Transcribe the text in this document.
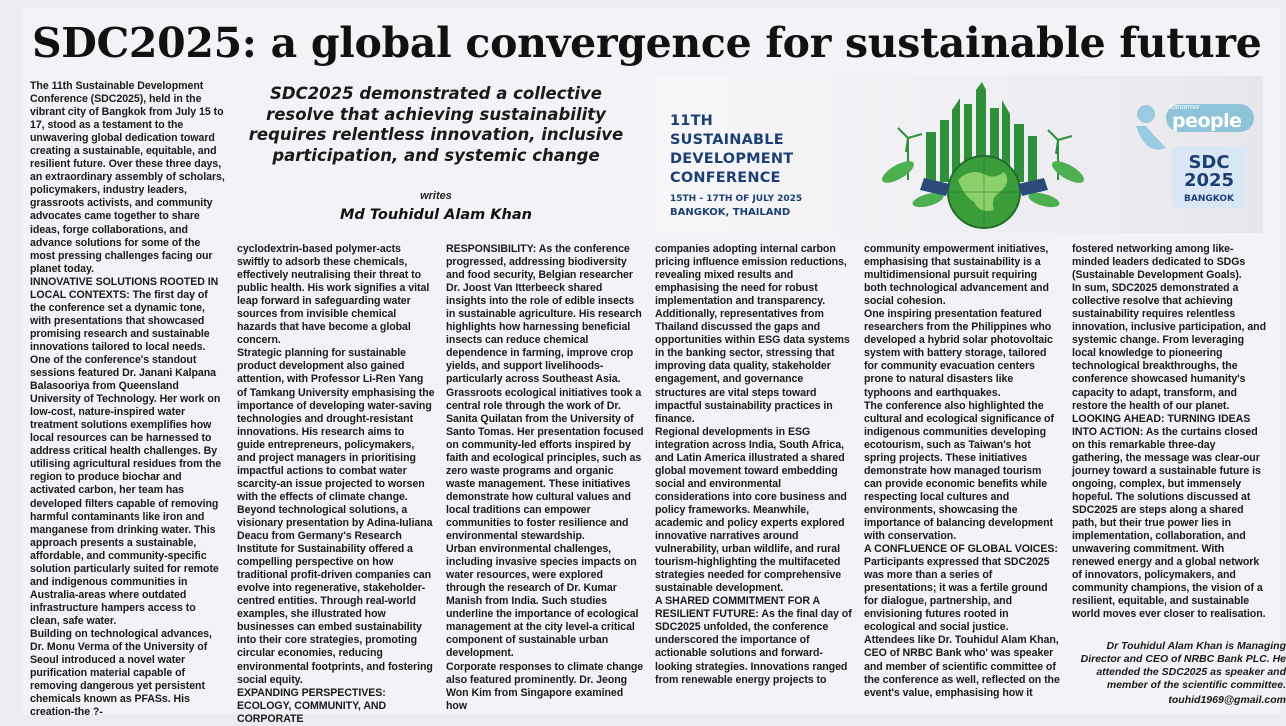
SDC2025: a global convergence for sustainable future

The 11th Sustainable Development Conference (SDC2025), held in the vibrant city of Bangkok from July 15 to 17, stood as a testament to the unwavering global dedication toward creating a sustainable, equitable, and resilient future. Over these three days, an extraordinary assembly of scholars, policymakers, industry leaders, grassroots activists, and community advocates came together to share ideas, forge collaborations, and advance solutions for some of the most pressing challenges facing our planet today.

INNOVATIVE SOLUTIONS ROOTED IN LOCAL CONTEXTS: The first day of the conference set a dynamic tone, with presentations that showcased promising research and sustainable innovations tailored to local needs. One of the conference's standout sessions featured Dr. Janani Kalpana Balasooriya from Queensland University of Technology. Her work on low-cost, nature-inspired water treatment solutions exemplifies how local resources can be harnessed to address critical health challenges. By utilising agricultural residues from the region to produce biochar and activated carbon, her team has developed filters capable of removing harmful contaminants like iron and manganese from drinking water. This approach presents a sustainable, affordable, and community-specific solution particularly suited for remote and indigenous communities in Australia-areas where outdated infrastructure hampers access to clean, safe water.

Building on technological advances, Dr. Monu Verma of the University of Seoul introduced a novel water purification material capable of removing dangerous yet persistent chemicals known as PFASs. His creation-the ?-

SDC2025 demonstrated a collective resolve that achieving sustainability requires relentless innovation, inclusive participation, and systemic change
writes
Md Touhidul Alam Khan
11TH SUSTAINABLE
DEVELOPMENT
CONFERENCE
15TH - 17TH OF JULY 2025
BANGKOK, THAILAND
tomorrow
people
SDC
2025
BANGKOK

cyclodextrin-based polymer-acts swiftly to adsorb these chemicals, effectively neutralising their threat to public health. His work signifies a vital leap forward in safeguarding water sources from invisible chemical hazards that have become a global concern.

Strategic planning for sustainable product development also gained attention, with Professor Li-Ren Yang of Tamkang University emphasising the importance of developing water-saving technologies and drought-resistant innovations. His research aims to guide entrepreneurs, policymakers, and project managers in prioritising impactful actions to combat water scarcity-an issue projected to worsen with the effects of climate change.

Beyond technological solutions, a visionary presentation by Adina-Iuliana Deacu from Germany's Research Institute for Sustainability offered a compelling perspective on how traditional profit-driven companies can evolve into regenerative, stakeholder-centred entities. Through real-world examples, she illustrated how businesses can embed sustainability into their core strategies, promoting circular economies, reducing environmental footprints, and fostering social equity.

EXPANDING PERSPECTIVES: ECOLOGY, COMMUNITY, AND CORPORATE

RESPONSIBILITY: As the conference progressed, addressing biodiversity and food security, Belgian researcher Dr. Joost Van Itterbeeck shared insights into the role of edible insects in sustainable agriculture. His research highlights how harnessing beneficial insects can reduce chemical dependence in farming, improve crop yields, and support livelihoods-particularly across Southeast Asia.

Grassroots ecological initiatives took a central role through the work of Dr. Sanita Quilatan from the University of Santo Tomas. Her presentation focused on community-led efforts inspired by faith and ecological principles, such as zero waste programs and organic waste management. These initiatives demonstrate how cultural values and local traditions can empower communities to foster resilience and environmental stewardship.

Urban environmental challenges, including invasive species impacts on water resources, were explored through the research of Dr. Kumar Manish from India. Such studies underline the importance of ecological management at the city level-a critical component of sustainable urban development.

Corporate responses to climate change also featured prominently. Dr. Jeong Won Kim from Singapore examined how

companies adopting internal carbon pricing influence emission reductions, revealing mixed results and emphasising the need for robust implementation and transparency. Additionally, representatives from Thailand discussed the gaps and opportunities within ESG data systems in the banking sector, stressing that improving data quality, stakeholder engagement, and governance structures are vital steps toward impactful sustainability practices in finance.

Regional developments in ESG integration across India, South Africa, and Latin America illustrated a shared global movement toward embedding social and environmental considerations into core business and policy frameworks. Meanwhile, academic and policy experts explored innovative narratives around vulnerability, urban wildlife, and rural tourism-highlighting the multifaceted strategies needed for comprehensive sustainable development.

A SHARED COMMITMENT FOR A RESILIENT FUTURE: As the final day of SDC2025 unfolded, the conference underscored the importance of actionable solutions and forward-looking strategies. Innovations ranged from renewable energy projects to

community empowerment initiatives, emphasising that sustainability is a multidimensional pursuit requiring both technological advancement and social cohesion.

One inspiring presentation featured researchers from the Philippines who developed a hybrid solar photovoltaic system with battery storage, tailored for community evacuation centers prone to natural disasters like typhoons and earthquakes.

The conference also highlighted the cultural and ecological significance of indigenous communities developing ecotourism, such as Taiwan's hot spring projects. These initiatives demonstrate how managed tourism can provide economic benefits while respecting local cultures and environments, showcasing the importance of balancing development with conservation.

A CONFLUENCE OF GLOBAL VOICES: Participants expressed that SDC2025 was more than a series of presentations; it was a fertile ground for dialogue, partnership, and envisioning futures rooted in ecological and social justice.

Attendees like Dr. Touhidul Alam Khan, CEO of NRBC Bank who' was speaker and member of scientific committee of the conference as well, reflected on the event's value, emphasising how it

fostered networking among like-minded leaders dedicated to SDGs (Sustainable Development Goals).

In sum, SDC2025 demonstrated a collective resolve that achieving sustainability requires relentless innovation, inclusive participation, and systemic change. From leveraging local knowledge to pioneering technological breakthroughs, the conference showcased humanity's capacity to adapt, transform, and restore the health of our planet.

LOOKING AHEAD: TURNING IDEAS INTO ACTION: As the curtains closed on this remarkable three-day gathering, the message was clear-our journey toward a sustainable future is ongoing, complex, but immensely hopeful. The solutions discussed at SDC2025 are steps along a shared path, but their true power lies in implementation, collaboration, and unwavering commitment. With renewed energy and a global network of innovators, policymakers, and community champions, the vision of a resilient, equitable, and sustainable world moves ever closer to realisation.

Dr Touhidul Alam Khan is Managing Director and CEO of NRBC Bank PLC. He attended the SDC2025 as speaker and member of the scientific committee.
touhid1969@gmail.com
